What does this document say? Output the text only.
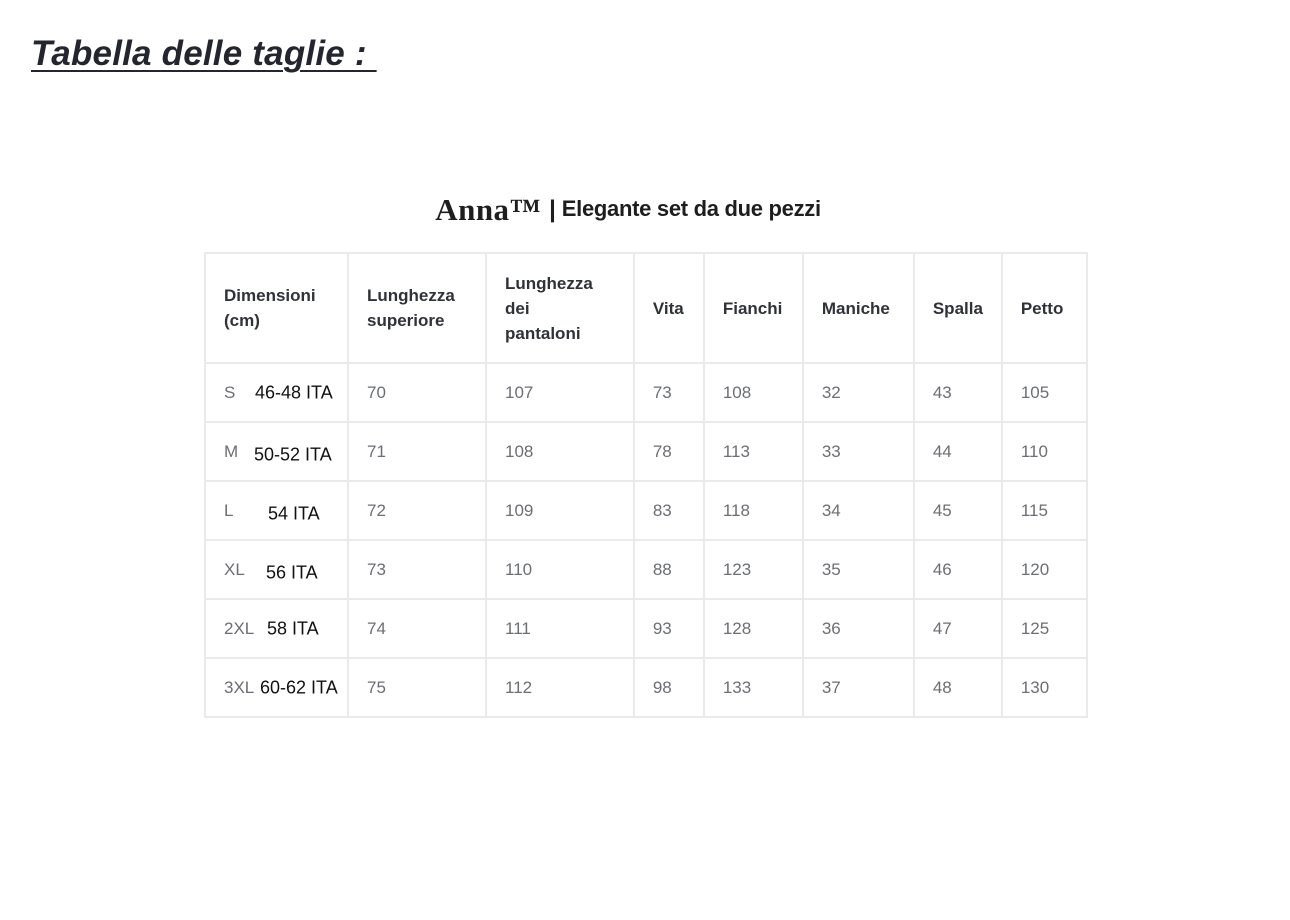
Tabella delle taglie :
Anna™ | Elegante set da due pezzi
Dimensioni (cm)	Lunghezza superiore	Lunghezza dei pantaloni	Vita	Fianchi	Maniche	Spalla	Petto
S 46-48 ITA	70	107	73	108	32	43	105
M 50-52 ITA	71	108	78	113	33	44	110
L 54 ITA	72	109	83	118	34	45	115
XL 56 ITA	73	110	88	123	35	46	120
2XL 58 ITA	74	111	93	128	36	47	125
3XL 60-62 ITA	75	112	98	133	37	48	130
